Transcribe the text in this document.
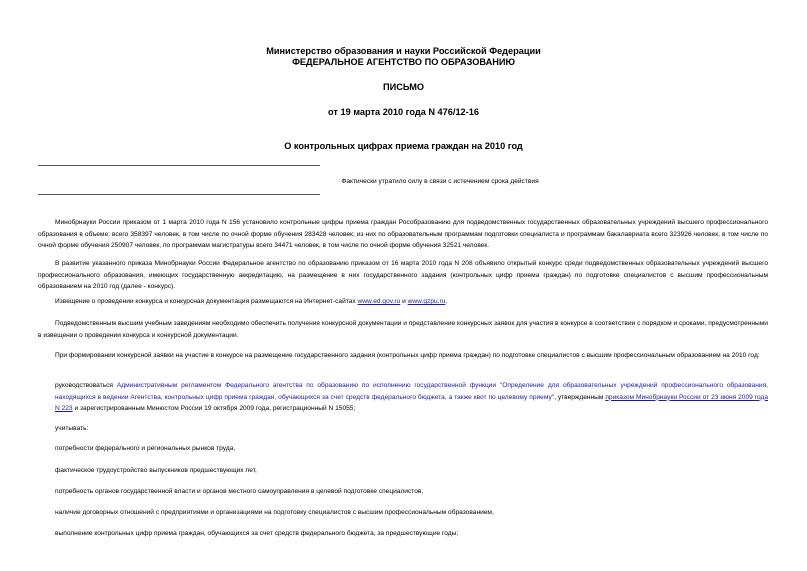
Министерство образования и науки Российской Федерации
ФЕДЕРАЛЬНОЕ АГЕНТСТВО ПО ОБРАЗОВАНИЮ
ПИСЬМО
от 19 марта 2010 года N 476/12-16
О контрольных цифрах приема граждан на 2010 год
Фактически утратило силу в связи с истечением срока действия
Минобрнауки России приказом от 1 марта 2010 года N 156 установило контрольные цифры приема граждан Рособразованию для подведомственных государственных образовательных учреждений высшего профессионального образования в объеме: всего 358397 человек, в том числе по очной форме обучения 283428 человек; из них по образовательным программам подготовки специалиста и программам бакалавриата всего 323926 человек, в том числе по очной форме обучения 250907 человек, по программам магистратуры всего 34471 человек, в том числе по очной форме обучения 32521 человек.
В развитие указанного приказа Минобрнауки России Федеральное агентство по образованию приказом от 16 марта 2010 года N 208 объявило открытый конкурс среди подведомственных образовательных учреждений высшего профессионального образования, имеющих государственную аккредитацию, на размещение в них государственного задания (контрольных цифр приема граждан) по подготовке специалистов с высшим профессиональным образованием на 2010 год (далее - конкурс).
Извещение о проведении конкурса и конкурсная документация размещаются на Интернет-сайтах www.ed.gov.ru и www.gzpu.ru.
Подведомственным высшим учебным заведениям необходимо обеспечить получение конкурсной документации и представление конкурсных заявок для участия в конкурсе в соответствии с порядком и сроками, предусмотренными в извещении о проведении конкурса и конкурсной документации.
При формировании конкурсной заявки на участие в конкурсе на размещение государственного задания (контрольных цифр приема граждан) по подготовке специалистов с высшим профессиональным образованием на 2010 год:
руководствоваться Административным регламентом Федерального агентства по образованию по исполнению государственной функции "Определение для образовательных учреждений профессионального образования, находящихся в ведении Агентства, контрольных цифр приема граждан, обучающихся за счет средств федерального бюджета, а также квот по целевому приему", утвержденным приказом Минобрнауки России от 23 июня 2009 года N 223 и зарегистрированным Минюстом России 19 октября 2009 года, регистрационный N 15055;
учитывать:
потребности федерального и региональных рынков труда,
фактическое трудоустройство выпускников предшествующих лет,
потребность органов государственной власти и органов местного самоуправления в целевой подготовке специалистов,
наличие договорных отношений с предприятиями и организациями на подготовку специалистов с высшим профессиональным образованием,
выполнение контрольных цифр приема граждан, обучающихся за счет средств федерального бюджета, за предшествующие годы;
